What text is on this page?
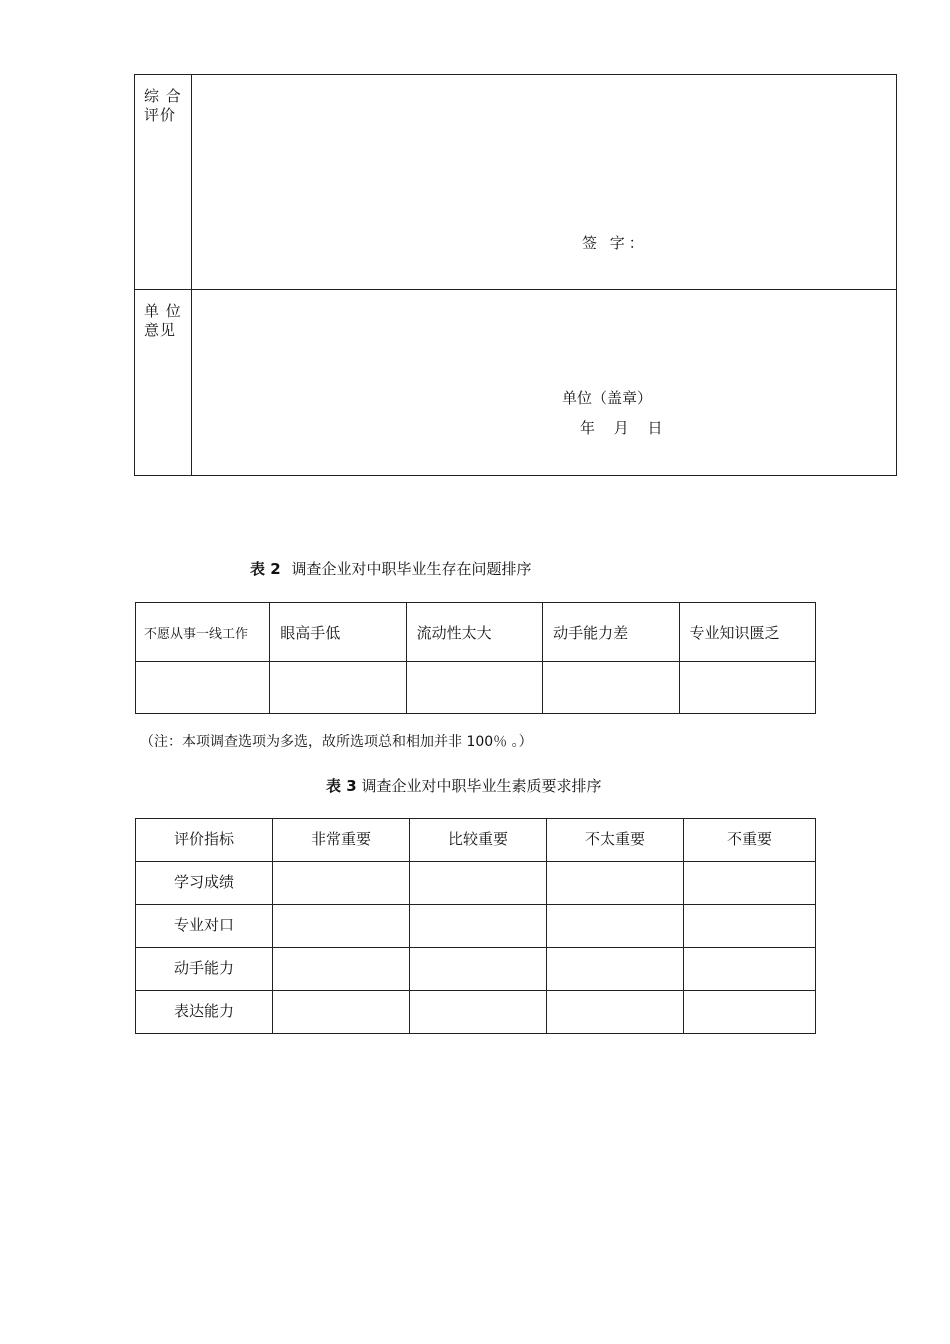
综 合
评价	签 字：

单 位
意见	单位（盖章）
年 月 日
表 2 调查企业对中职毕业生存在问题排序
不愿从事一线工作	眼高手低	流动性太大	动手能力差	专业知识匮乏

（注：本项调查选项为多选，故所选项总和相加并非 100％ 。）
表 3 调查企业对中职毕业生素质要求排序
评价指标	非常重要	比较重要	不太重要	不重要

学习成绩				

专业对口				

动手能力				

表达能力				
